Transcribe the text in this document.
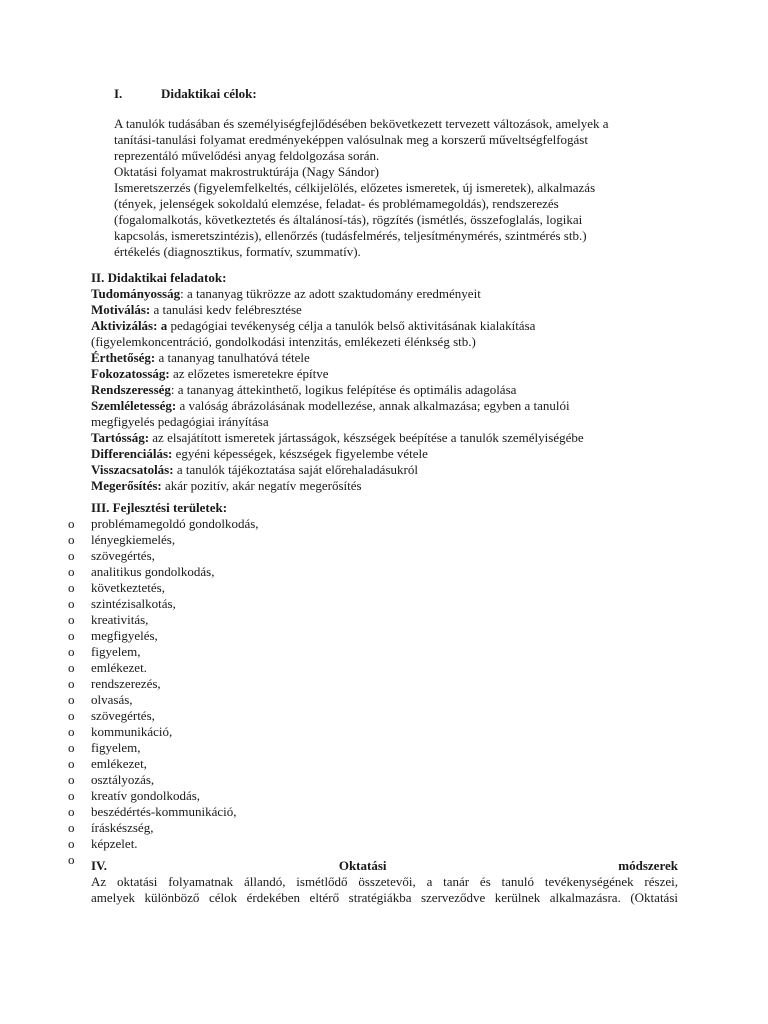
I.	Didaktikai célok:

A tanulók tudásában és személyiségfejlődésében bekövetkezett tervezett változások, amelyek a

tanítási-tanulási folyamat eredményeképpen valósulnak meg a korszerű műveltségfelfogást

reprezentáló művelődési anyag feldolgozása során.

Oktatási folyamat makrostruktúrája (Nagy Sándor)

Ismeretszerzés (figyelemfelkeltés, célkijelölés, előzetes ismeretek, új ismeretek), alkalmazás

(tények, jelenségek sokoldalú elemzése, feladat- és problémamegoldás), rendszerezés

(fogalomalkotás, következtetés és általánosí-tás), rögzítés (ismétlés, összefoglalás, logikai

kapcsolás, ismeretszintézis), ellenőrzés (tudásfelmérés, teljesítménymérés, szintmérés stb.)

értékelés (diagnosztikus, formatív, szummatív).

II. Didaktikai feladatok:

Tudományosság: a tananyag tükrözze az adott szaktudomány eredményeit

Motiválás: a tanulási kedv felébresztése

Aktivizálás: a pedagógiai tevékenység célja a tanulók belső aktivitásának kialakítása

(figyelemkoncentráció, gondolkodási intenzitás, emlékezeti élénkség stb.)

Érthetőség: a tananyag tanulhatóvá tétele

Fokozatosság: az előzetes ismeretekre építve

Rendszeresség: a tananyag áttekinthető, logikus felépítése és optimális adagolása

Szemléletesség: a valóság ábrázolásának modellezése, annak alkalmazása; egyben a tanulói

megfigyelés pedagógiai irányítása

Tartósság: az elsajátított ismeretek jártasságok, készségek beépítése a tanulók személyiségébe

Differenciálás: egyéni képességek, készségek figyelembe vétele

Visszacsatolás: a tanulók tájékoztatása saját előrehaladásukról

Megerősítés: akár pozitív, akár negatív megerősítés

III. Fejlesztési területek:
o	problémamegoldó gondolkodás,
o	lényegkiemelés,
o	szövegértés,
o	analitikus gondolkodás,
o	következtetés,
o	szintézisalkotás,
o	kreativitás,
o	megfigyelés,
o	figyelem,
o	emlékezet.
o	rendszerezés,
o	olvasás,
o	szövegértés,
o	kommunikáció,
o	figyelem,
o	emlékezet,
o	osztályozás,
o	kreatív gondolkodás,
o	beszédértés-kommunikáció,
o	íráskészség,
o	képzelet.
o	IV.	Oktatási	módszerek
Az oktatási folyamatnak állandó, ismétlődő összetevői, a tanár és tanuló tevékenységének részei,
amelyek különböző célok érdekében eltérő stratégiákba szerveződve kerülnek alkalmazásra. (Oktatási
